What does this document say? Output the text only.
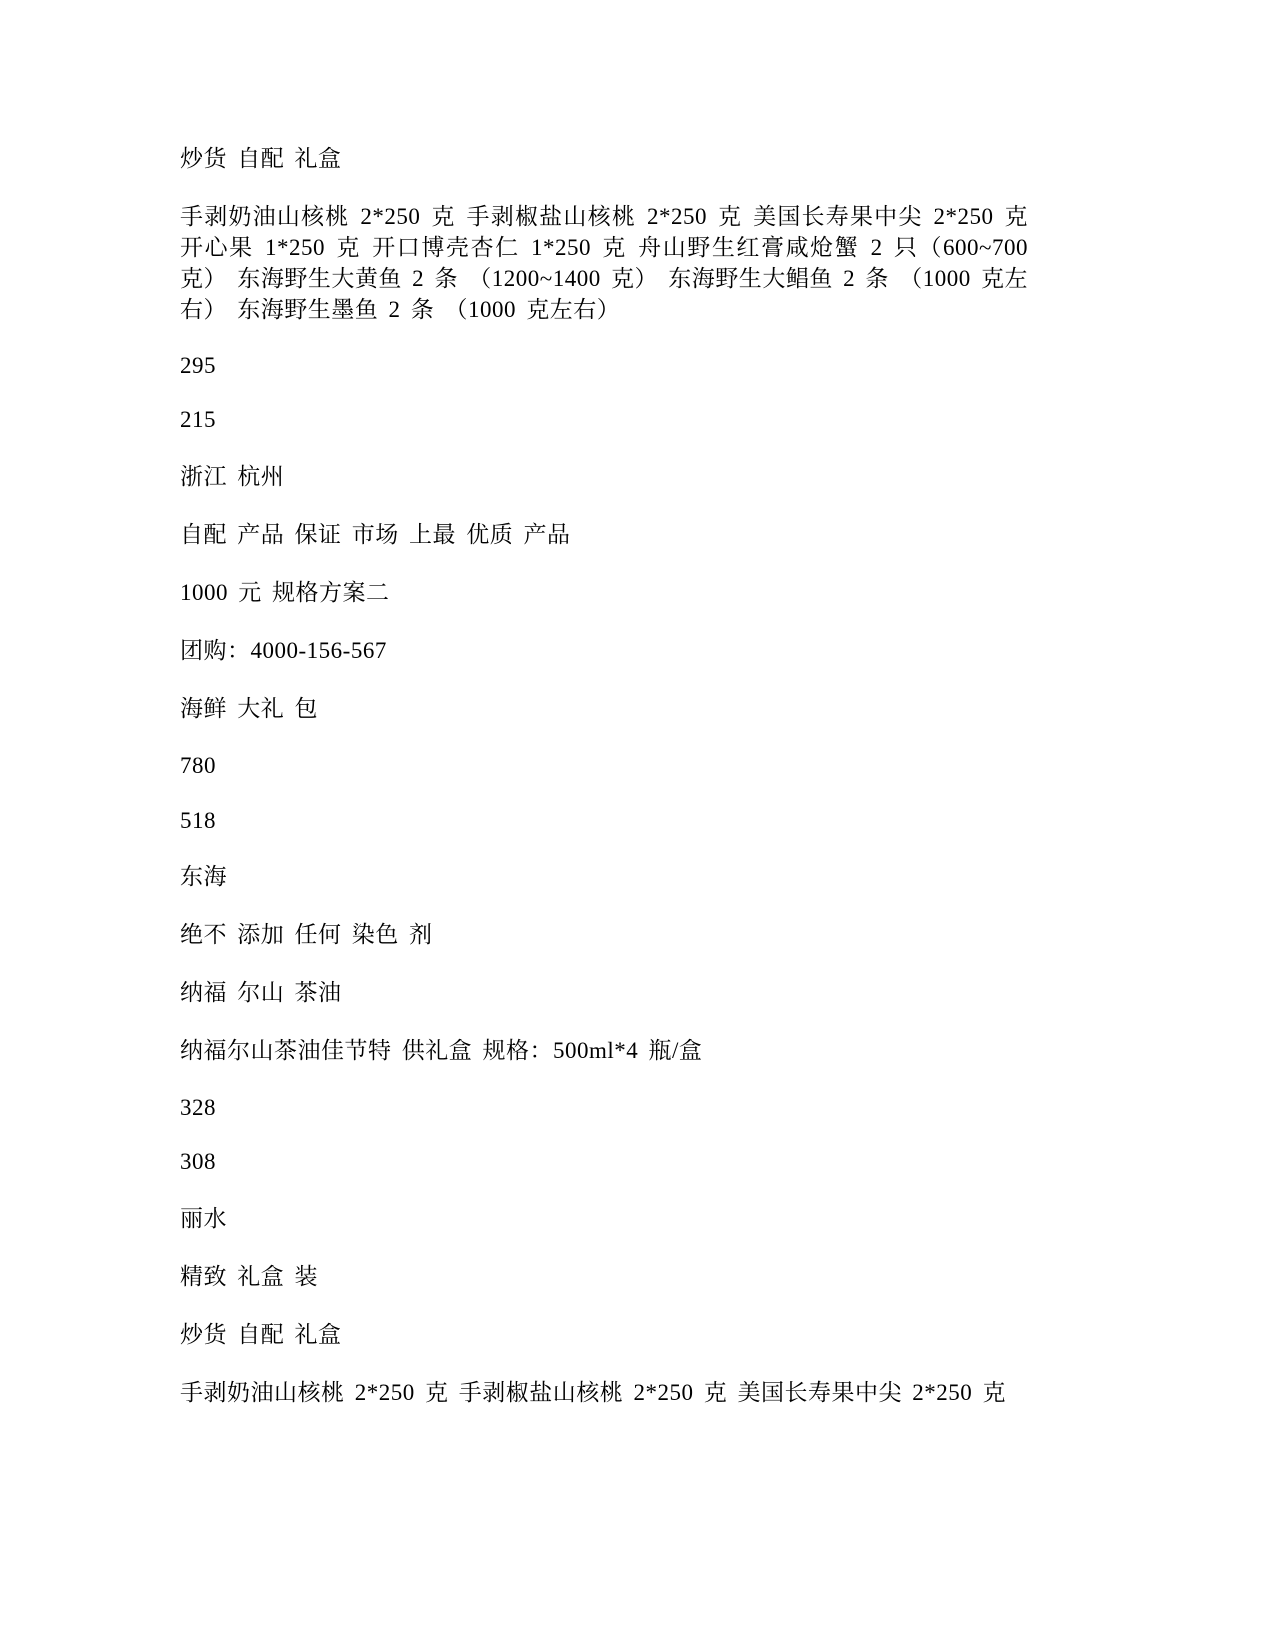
炒货 自配 礼盒

手剥奶油山核桃 2*250 克 手剥椒盐山核桃 2*250 克 美国长寿果中尖 2*250 克 开心果 1*250 克 开口博壳杏仁 1*250 克 舟山野生红膏咸炝蟹 2 只（600~700 克） 东海野生大黄鱼 2 条 （1200~1400 克） 东海野生大鲳鱼 2 条 （1000 克左右） 东海野生墨鱼 2 条 （1000 克左右）

295

215

浙江 杭州

自配 产品 保证 市场 上最 优质 产品

1000 元 规格方案二

团购：4000-156-567

海鲜 大礼 包

780

518

东海

绝不 添加 任何 染色 剂

纳福 尔山 茶油

纳福尔山茶油佳节特 供礼盒 规格：500ml*4 瓶/盒

328

308

丽水

精致 礼盒 装

炒货 自配 礼盒

手剥奶油山核桃 2*250 克 手剥椒盐山核桃 2*250 克 美国长寿果中尖 2*250 克
